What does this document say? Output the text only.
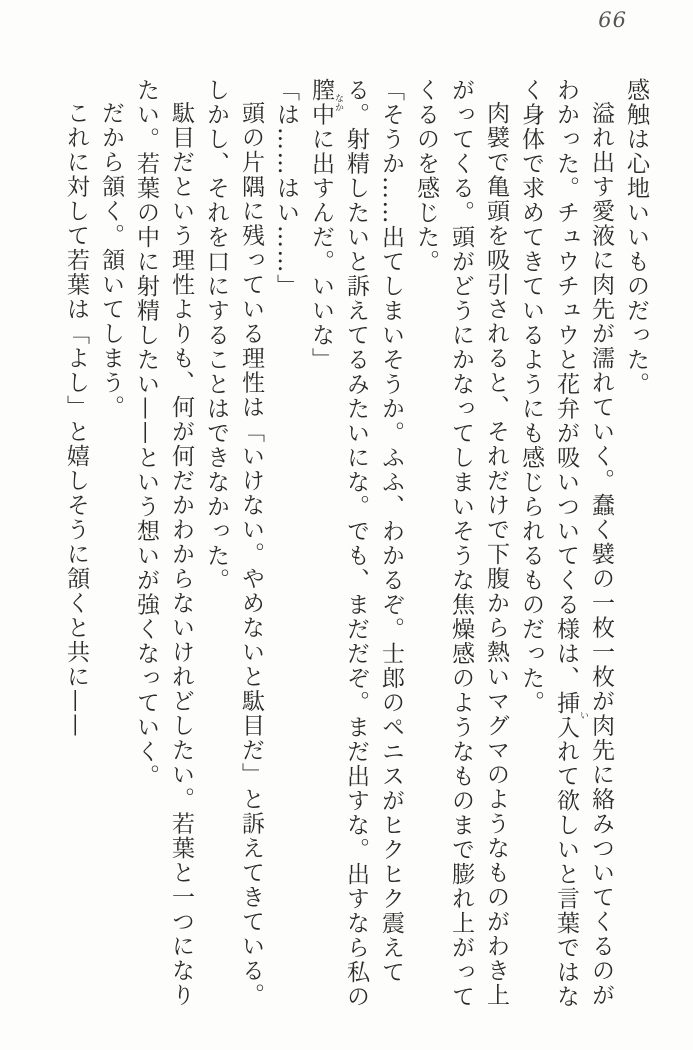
66

感触は心地いいものだった。

溢れ出す愛液に肉先が濡れていく。蠢く襞の一枚一枚が肉先に絡みついてくるのがわかった。チュウチュウと花弁が吸いついてくる様は、挿入 いれて欲しいと言葉ではなく身体で求めてきているようにも感じられるものだった。

肉襞で亀頭を吸引されると、それだけで下腹から熱いマグマのようなものがわき上がってくる。頭がどうにかなってしまいそうな焦燥感のようなものまで膨れ上がってくるのを感じた。

「そうか……出てしまいそうか。ふふ、わかるぞ。士郎のペニスがヒクヒク震えてる。射精したいと訴えてるみたいにな。でも、まだだぞ。まだ出すな。出すなら私の膣中 なかに出すんだ。いいな」

「は……はい……」

頭の片隅に残っている理性は「いけない。やめないと駄目だ」と訴えてきている。

しかし、それを口にすることはできなかった。

駄目だという理性よりも、何が何だかわからないけれどしたい。若葉と一つになりたい。若葉の中に射精したい——という想いが強くなっていく。

だから頷く。頷いてしまう。

これに対して若葉は「よし」と嬉しそうに頷くと共に——
